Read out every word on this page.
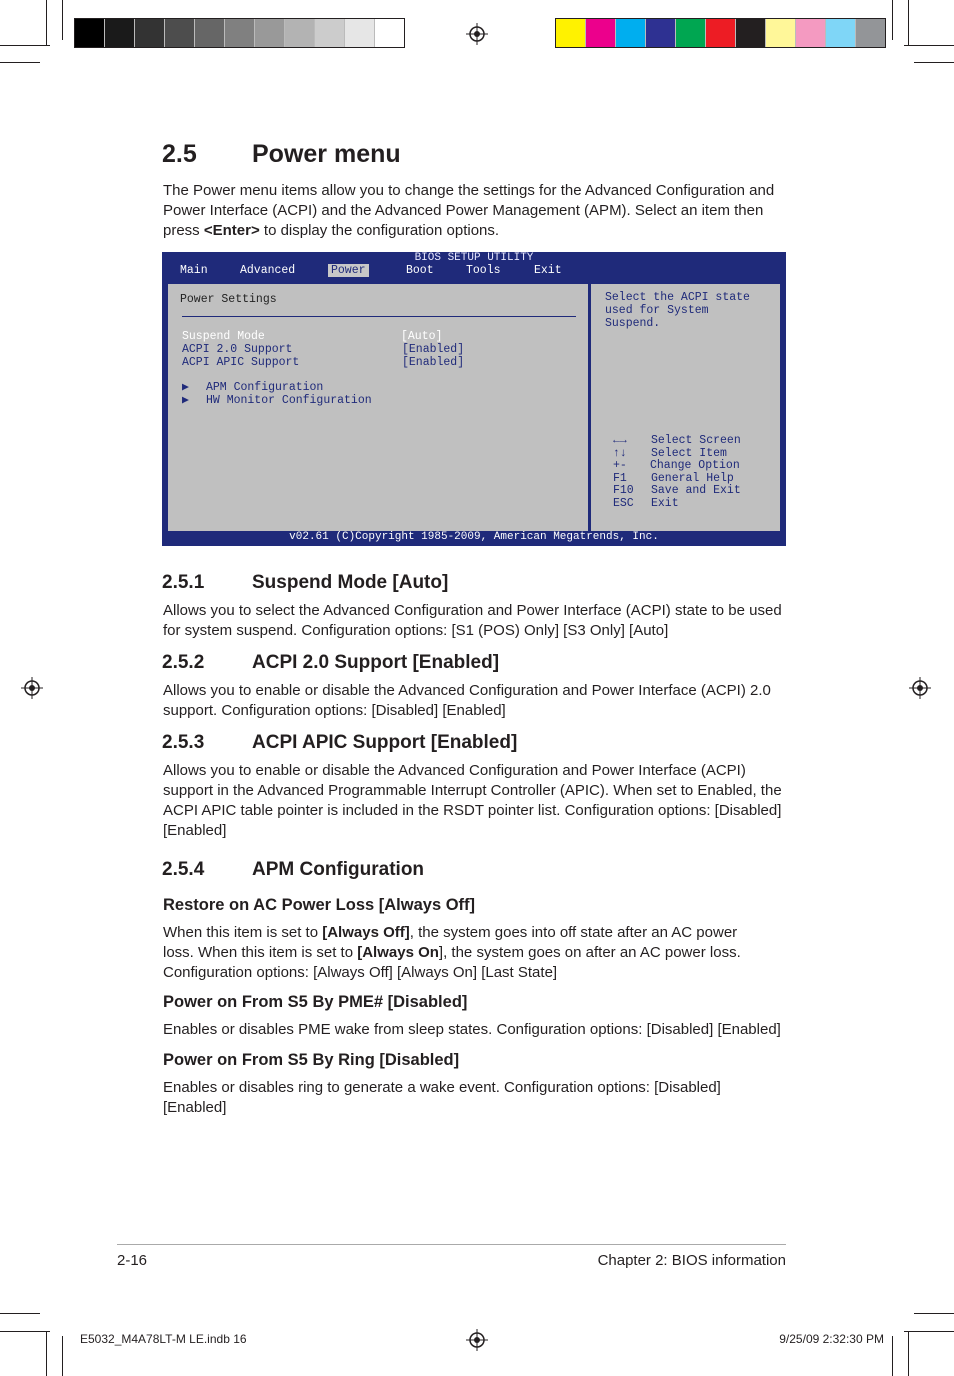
2.5 Power menu

The Power menu items allow you to change the settings for the Advanced Configuration and Power Interface (ACPI) and the Advanced Power Management (APM). Select an item then press <Enter> to display the configuration options.

BIOS SETUP UTILITY
Main	Advanced	Power	Boot	Tools	Exit
Power Settings
Suspend Mode	[Auto]
ACPI 2.0 Support	[Enabled]
ACPI APIC Support	[Enabled]
▶ APM Configuration
▶ HW Monitor Configuration
Select the ACPI state
used for System
Suspend.
←→ Select Screen
↑↓ Select Item
+- Change Option
F1 General Help
F10 Save and Exit
ESC Exit
v02.61 (C)Copyright 1985-2009, American Megatrends, Inc.
2.5.1	Suspend Mode [Auto]

Allows you to select the Advanced Configuration and Power Interface (ACPI) state to be used for system suspend. Configuration options: [S1 (POS) Only] [S3 Only] [Auto]

2.5.2	ACPI 2.0 Support [Enabled]

Allows you to enable or disable the Advanced Configuration and Power Interface (ACPI) 2.0 support. Configuration options: [Disabled] [Enabled]

2.5.3	ACPI APIC Support [Enabled]

Allows you to enable or disable the Advanced Configuration and Power Interface (ACPI) support in the Advanced Programmable Interrupt Controller (APIC). When set to Enabled, the ACPI APIC table pointer is included in the RSDT pointer list. Configuration options: [Disabled] [Enabled]

2.5.4	APM Configuration
Restore on AC Power Loss [Always Off]

When this item is set to [Always Off], the system goes into off state after an AC power loss. When this item is set to [Always On], the system goes on after an AC power loss. Configuration options: [Always Off] [Always On] [Last State]

Power on From S5 By PME# [Disabled]

Enables or disables PME wake from sleep states. Configuration options: [Disabled] [Enabled]

Power on From S5 By Ring [Disabled]

Enables or disables ring to generate a wake event. Configuration options: [Disabled] [Enabled]

2-16	Chapter 2: BIOS information
E5032_M4A78LT-M LE.indb 16	9/25/09 2:32:30 PM
